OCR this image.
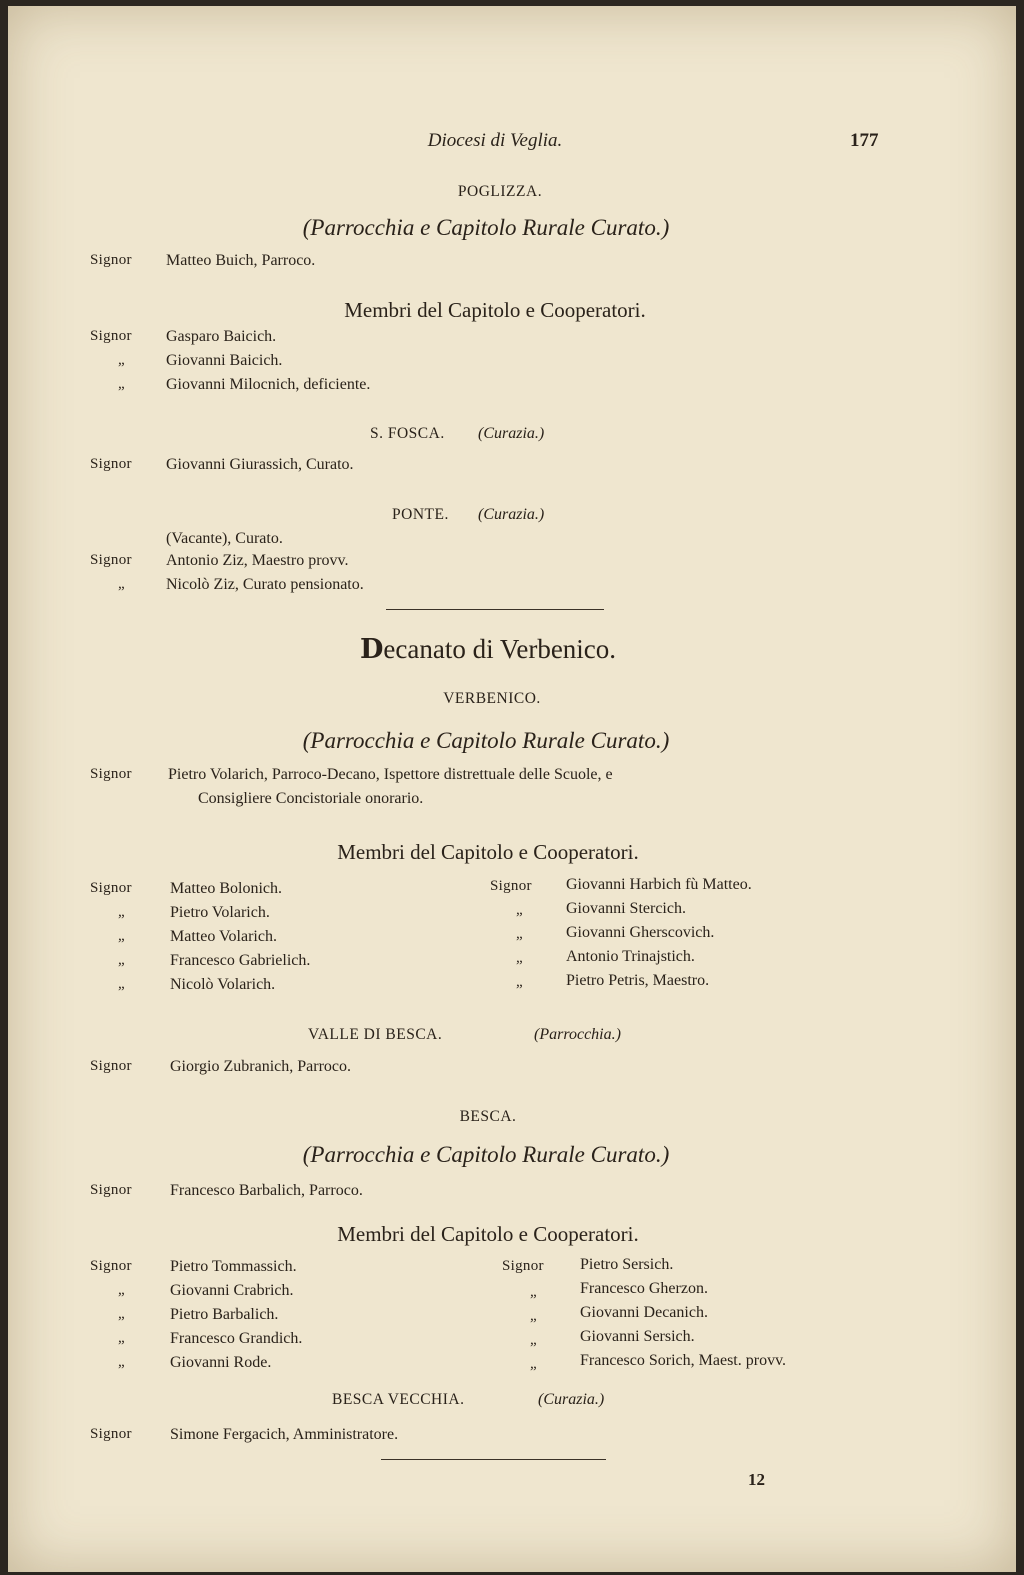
Diocesi di Veglia.	177
POGLIZZA.
(Parrocchia e Capitolo Rurale Curato.)
Signor Matteo Buich, Parroco.
Membri del Capitolo e Cooperatori.
Signor Gasparo Baicich.
„	Giovanni Baicich.
„	Giovanni Milocnich, deficiente.
S. FOSCA. (Curazia.)
Signor Giovanni Giurassich, Curato.
PONTE. (Curazia.)
(Vacante), Curato.
Signor Antonio Ziz, Maestro provv.
„	Nicolò Ziz, Curato pensionato.
Decanato di Verbenico.
VERBENICO.
(Parrocchia e Capitolo Rurale Curato.)
Signor Pietro Volarich, Parroco-Decano, Ispettore distrettuale delle Scuole, e
Consigliere Concistoriale onorario.
Membri del Capitolo e Cooperatori.
Signor Matteo Bolonich.
„	Pietro Volarich.
„	Matteo Volarich.
„	Francesco Gabrielich.
„	Nicolò Volarich.
Signor Giovanni Harbich fù Matteo.
„	Giovanni Stercich.
„	Giovanni Gherscovich.
„	Antonio Trinajstich.
„	Pietro Petris, Maestro.
VALLE DI BESCA.	(Parrocchia.)
Signor Giorgio Zubranich, Parroco.
BESCA.
(Parrocchia e Capitolo Rurale Curato.)
Signor Francesco Barbalich, Parroco.
Membri del Capitolo e Cooperatori.
Signor Pietro Tommassich.
„	Giovanni Crabrich.
„	Pietro Barbalich.
„	Francesco Grandich.
„	Giovanni Rode.
Signor Pietro Sersich.
„	Francesco Gherzon.
„	Giovanni Decanich.
„	Giovanni Sersich.
„	Francesco Sorich, Maest. provv.
BESCA VECCHIA.	(Curazia.)
Signor Simone Fergacich, Amministratore.
12
